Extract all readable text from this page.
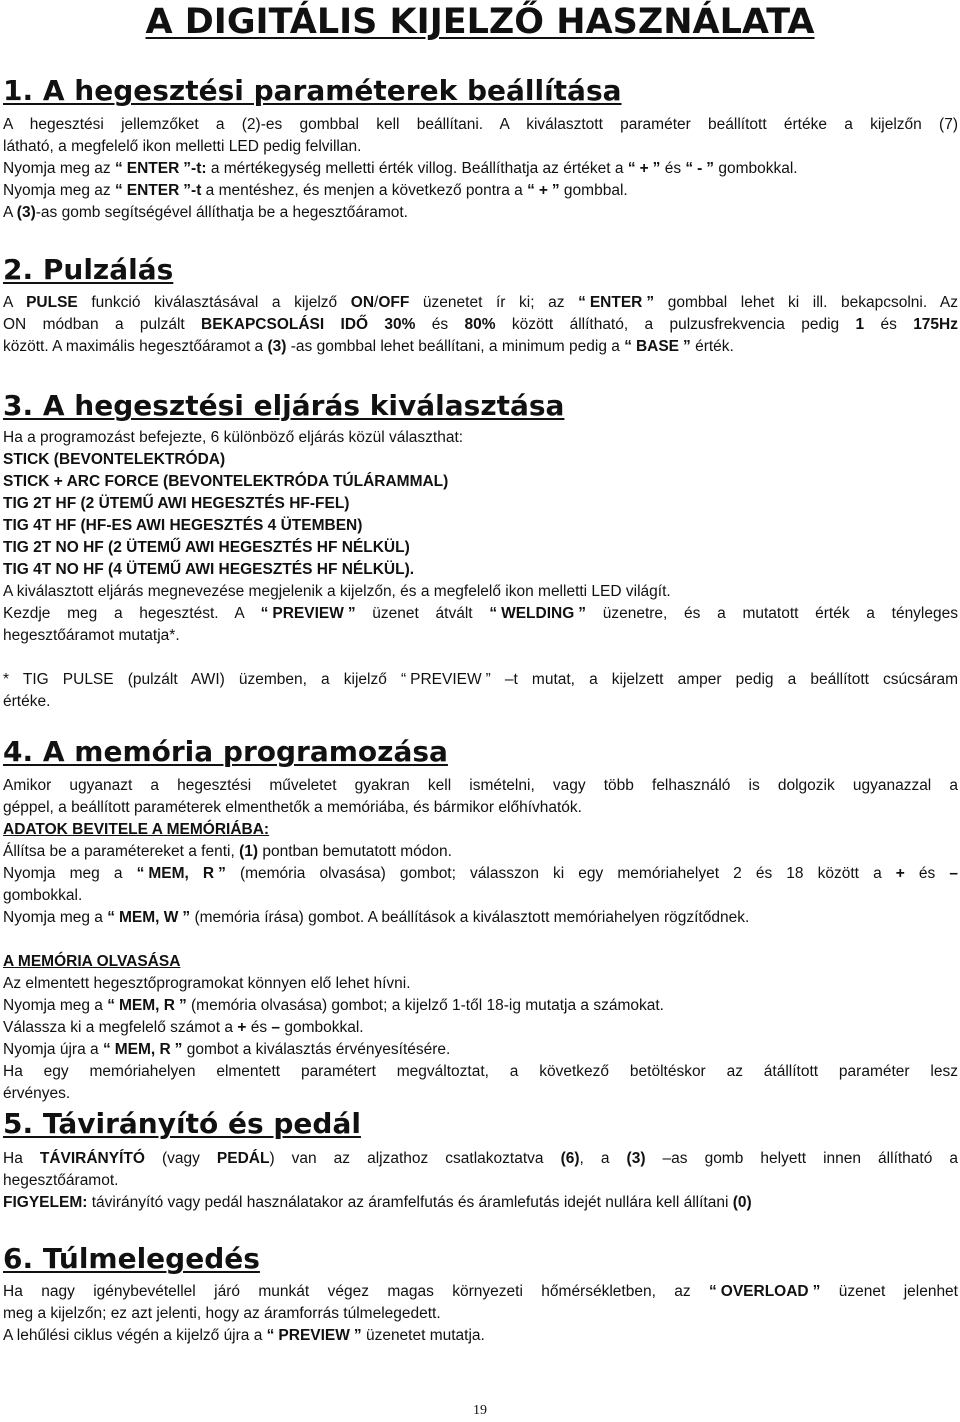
A DIGITÁLIS KIJELZŐ HASZNÁLATA
1. A hegesztési paraméterek beállítása
A hegesztési jellemzőket a (2)-es gombbal kell beállítani. A kiválasztott paraméter beállított értéke a kijelzőn (7)
látható, a megfelelő ikon melletti LED pedig felvillan.
Nyomja meg az “ ENTER ” -t: a mértékegység melletti érték villog. Beállíthatja az értéket a “ + ” és “ - ” gombokkal.
Nyomja meg az “ ENTER ” -t a mentéshez, és menjen a következő pontra a “ + ” gombbal.
A (3)-as gomb segítségével állíthatja be a hegesztőáramot.
2. Pulzálás
A PULSE funkció kiválasztásával a kijelző ON/OFF üzenetet ír ki; az “ ENTER ” gombbal lehet ki ill. bekapcsolni. Az
ON módban a pulzált BEKAPCSOLÁSI IDŐ 30% és 80% között állítható, a pulzusfrekvencia pedig 1 és 175Hz
között. A maximális hegesztőáramot a (3) -as gombbal lehet beállítani, a minimum pedig a “ BASE ” érték.
3. A hegesztési eljárás kiválasztása
Ha a programozást befejezte, 6 különböző eljárás közül választhat:
STICK (BEVONTELEKTRÓDA)
STICK + ARC FORCE (BEVONTELEKTRÓDA TÚLÁRAMMAL)
TIG 2T HF (2 ÜTEMŰ AWI HEGESZTÉS HF-FEL)
TIG 4T HF (HF-ES AWI HEGESZTÉS 4 ÜTEMBEN)
TIG 2T NO HF (2 ÜTEMŰ AWI HEGESZTÉS HF NÉLKÜL)
TIG 4T NO HF (4 ÜTEMŰ AWI HEGESZTÉS HF NÉLKÜL).
A kiválasztott eljárás megnevezése megjelenik a kijelzőn, és a megfelelő ikon melletti LED világít.
Kezdje meg a hegesztést. A “ PREVIEW ” üzenet átvált “ WELDING ” üzenetre, és a mutatott érték a tényleges
hegesztőáramot mutatja*.
* TIG PULSE (pulzált AWI) üzemben, a kijelző “ PREVIEW ” –t mutat, a kijelzett amper pedig a beállított csúcsáram
értéke.
4. A memória programozása
Amikor ugyanazt a hegesztési műveletet gyakran kell ismételni, vagy több felhasználó is dolgozik ugyanazzal a
géppel, a beállított paraméterek elmenthetők a memóriába, és bármikor előhívhatók.
ADATOK BEVITELE A MEMÓRIÁBA:
Állítsa be a paramétereket a fenti, (1) pontban bemutatott módon.
Nyomja meg a “ MEM, R ” (memória olvasása) gombot; válasszon ki egy memóriahelyet 2 és 18 között a + és –
gombokkal.
Nyomja meg a “ MEM, W ” (memória írása) gombot. A beállítások a kiválasztott memóriahelyen rögzítődnek.
A MEMÓRIA OLVASÁSA
Az elmentett hegesztőprogramokat könnyen elő lehet hívni.
Nyomja meg a “ MEM, R ” (memória olvasása) gombot; a kijelző 1-től 18-ig mutatja a számokat.
Válassza ki a megfelelő számot a + és – gombokkal.
Nyomja újra a “ MEM, R ” gombot a kiválasztás érvényesítésére.
Ha egy memóriahelyen elmentett paramétert megváltoztat, a következő betöltéskor az átállított paraméter lesz
érvényes.
5. Távirányító és pedál
Ha TÁVIRÁNYÍTÓ (vagy PEDÁL) van az aljzathoz csatlakoztatva (6), a (3) –as gomb helyett innen állítható a
hegesztőáramot.
FIGYELEM: távirányító vagy pedál használatakor az áramfelfutás és áramlefutás idejét nullára kell állítani (0)
6. Túlmelegedés
Ha nagy igénybevétellel járó munkát végez magas környezeti hőmérsékletben, az “ OVERLOAD ” üzenet jelenhet
meg a kijelzőn; ez azt jelenti, hogy az áramforrás túlmelegedett.
A lehűlési ciklus végén a kijelző újra a “ PREVIEW ” üzenetet mutatja.
19
